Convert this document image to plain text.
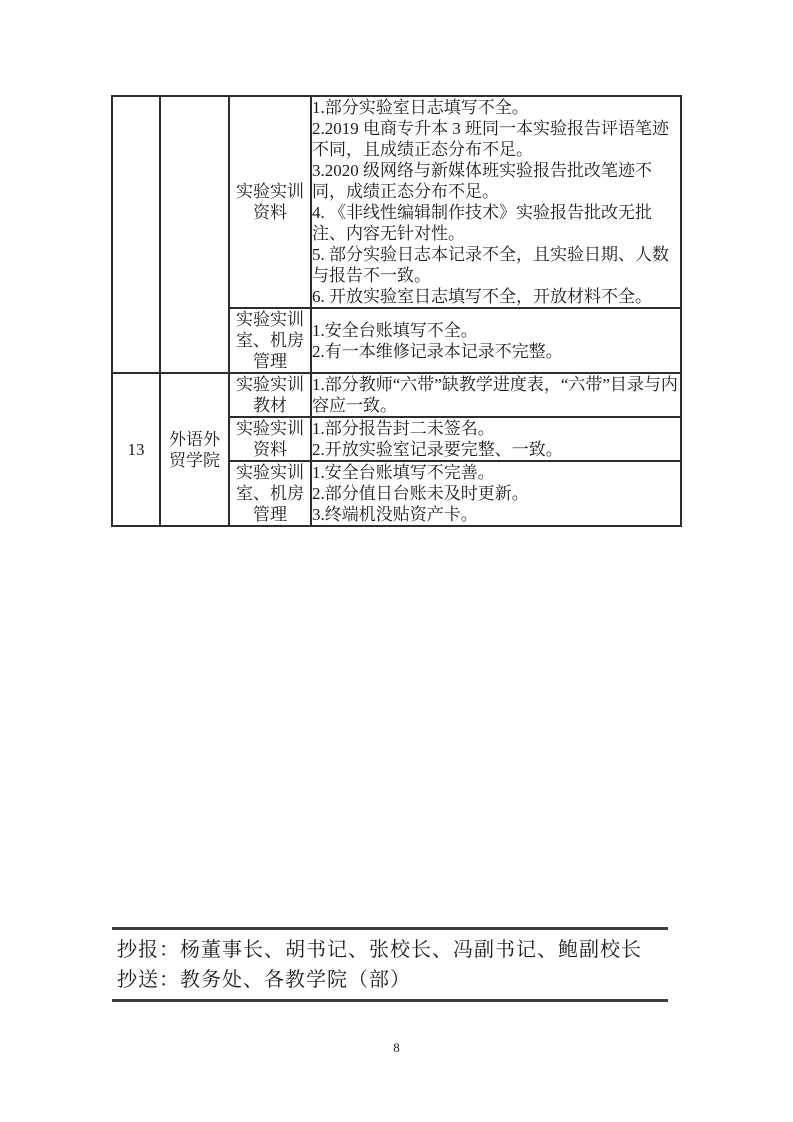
		实验实训资料	
1.部分实验室日志填写不全。
2.2019 电商专升本 3 班同一本实验报告评语笔迹不同，且成绩正态分布不足。
3.2020 级网络与新媒体班实验报告批改笔迹不同，成绩正态分布不足。
4. 《非线性编辑制作技术》实验报告批改无批注、内容无针对性。
5. 部分实验日志本记录不全，且实验日期、人数与报告不一致。
6. 开放实验室日志填写不全，开放材料不全。

		实验实训室、机房管理	1.安全台账填写不全。
2.有一本维修记录本记录不完整。

13	外语外贸学院	实验实训教材	1.部分教师“六带”缺教学进度表，“六带”目录与内容应一致。

		实验实训资料	1.部分报告封二未签名。
2.开放实验室记录要完整、一致。

		实验实训室、机房管理	1.安全台账填写不完善。
2.部分值日台账未及时更新。
3.终端机没贴资产卡。
抄报：杨董事长、胡书记、张校长、冯副书记、鲍副校长
抄送：教务处、各教学院（部）
8
